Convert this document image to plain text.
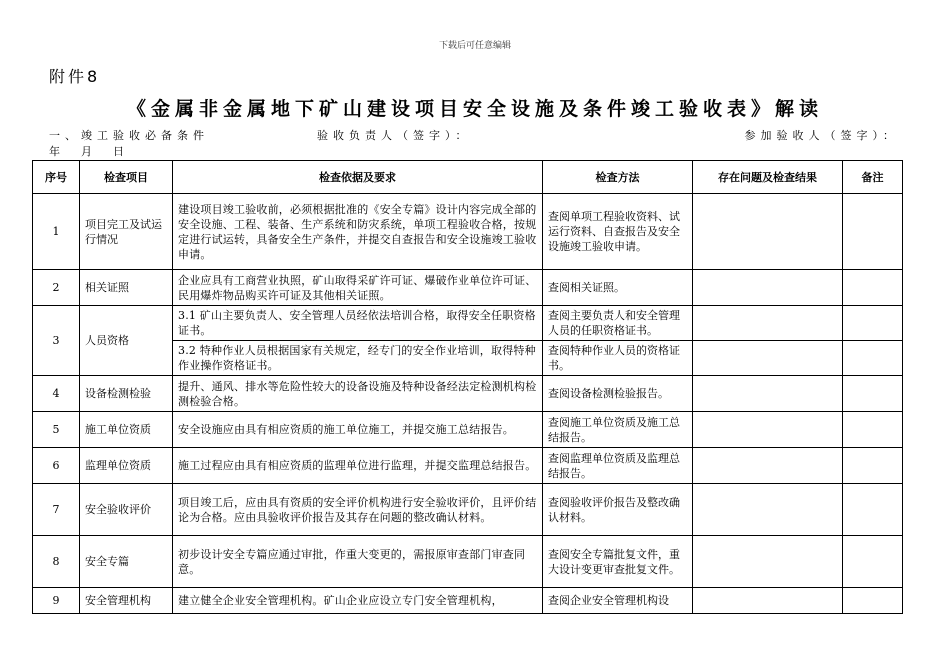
下载后可任意编辑
附件8
《金属非金属地下矿山建设项目安全设施及条件竣工验收表》解读
一、竣工验收必备条件	验收负责人（签字）：	参加验收人（签字）：
年      月      日
序号	检查项目	检查依据及要求	检查方法	存在问题及检查结果	备注
1	项目完工及试运行情况	建设项目竣工验收前，必须根据批准的《安全专篇》设计内容完成全部的安全设施、工程、装备、生产系统和防灾系统，单项工程验收合格，按规定进行试运转，具备安全生产条件，并提交自查报告和安全设施竣工验收申请。	查阅单项工程验收资料、试运行资料、自查报告及安全设施竣工验收申请。		
2	相关证照	企业应具有工商营业执照，矿山取得采矿许可证、爆破作业单位许可证、民用爆炸物品购买许可证及其他相关证照。	查阅相关证照。		
3	人员资格	3.1 矿山主要负责人、安全管理人员经依法培训合格，取得安全任职资格证书。	查阅主要负责人和安全管理人员的任职资格证书。		
		3.2 特种作业人员根据国家有关规定，经专门的安全作业培训，取得特种作业操作资格证书。	查阅特种作业人员的资格证书。		
4	设备检测检验	提升、通风、排水等危险性较大的设备设施及特种设备经法定检测机构检测检验合格。	查阅设备检测检验报告。		
5	施工单位资质	安全设施应由具有相应资质的施工单位施工，并提交施工总结报告。	查阅施工单位资质及施工总结报告。		
6	监理单位资质	施工过程应由具有相应资质的监理单位进行监理，并提交监理总结报告。	查阅监理单位资质及监理总结报告。		
7	安全验收评价	项目竣工后，应由具有资质的安全评价机构进行安全验收评价，且评价结论为合格。应由具验收评价报告及其存在问题的整改确认材料。	查阅验收评价报告及整改确认材料。		
8	安全专篇	初步设计安全专篇应通过审批，作重大变更的，需报原审查部门审查同意。	查阅安全专篇批复文件，重大设计变更审查批复文件。		
9	安全管理机构	建立健全企业安全管理机构。矿山企业应设立专门安全管理机构，	查阅企业安全管理机构设		
